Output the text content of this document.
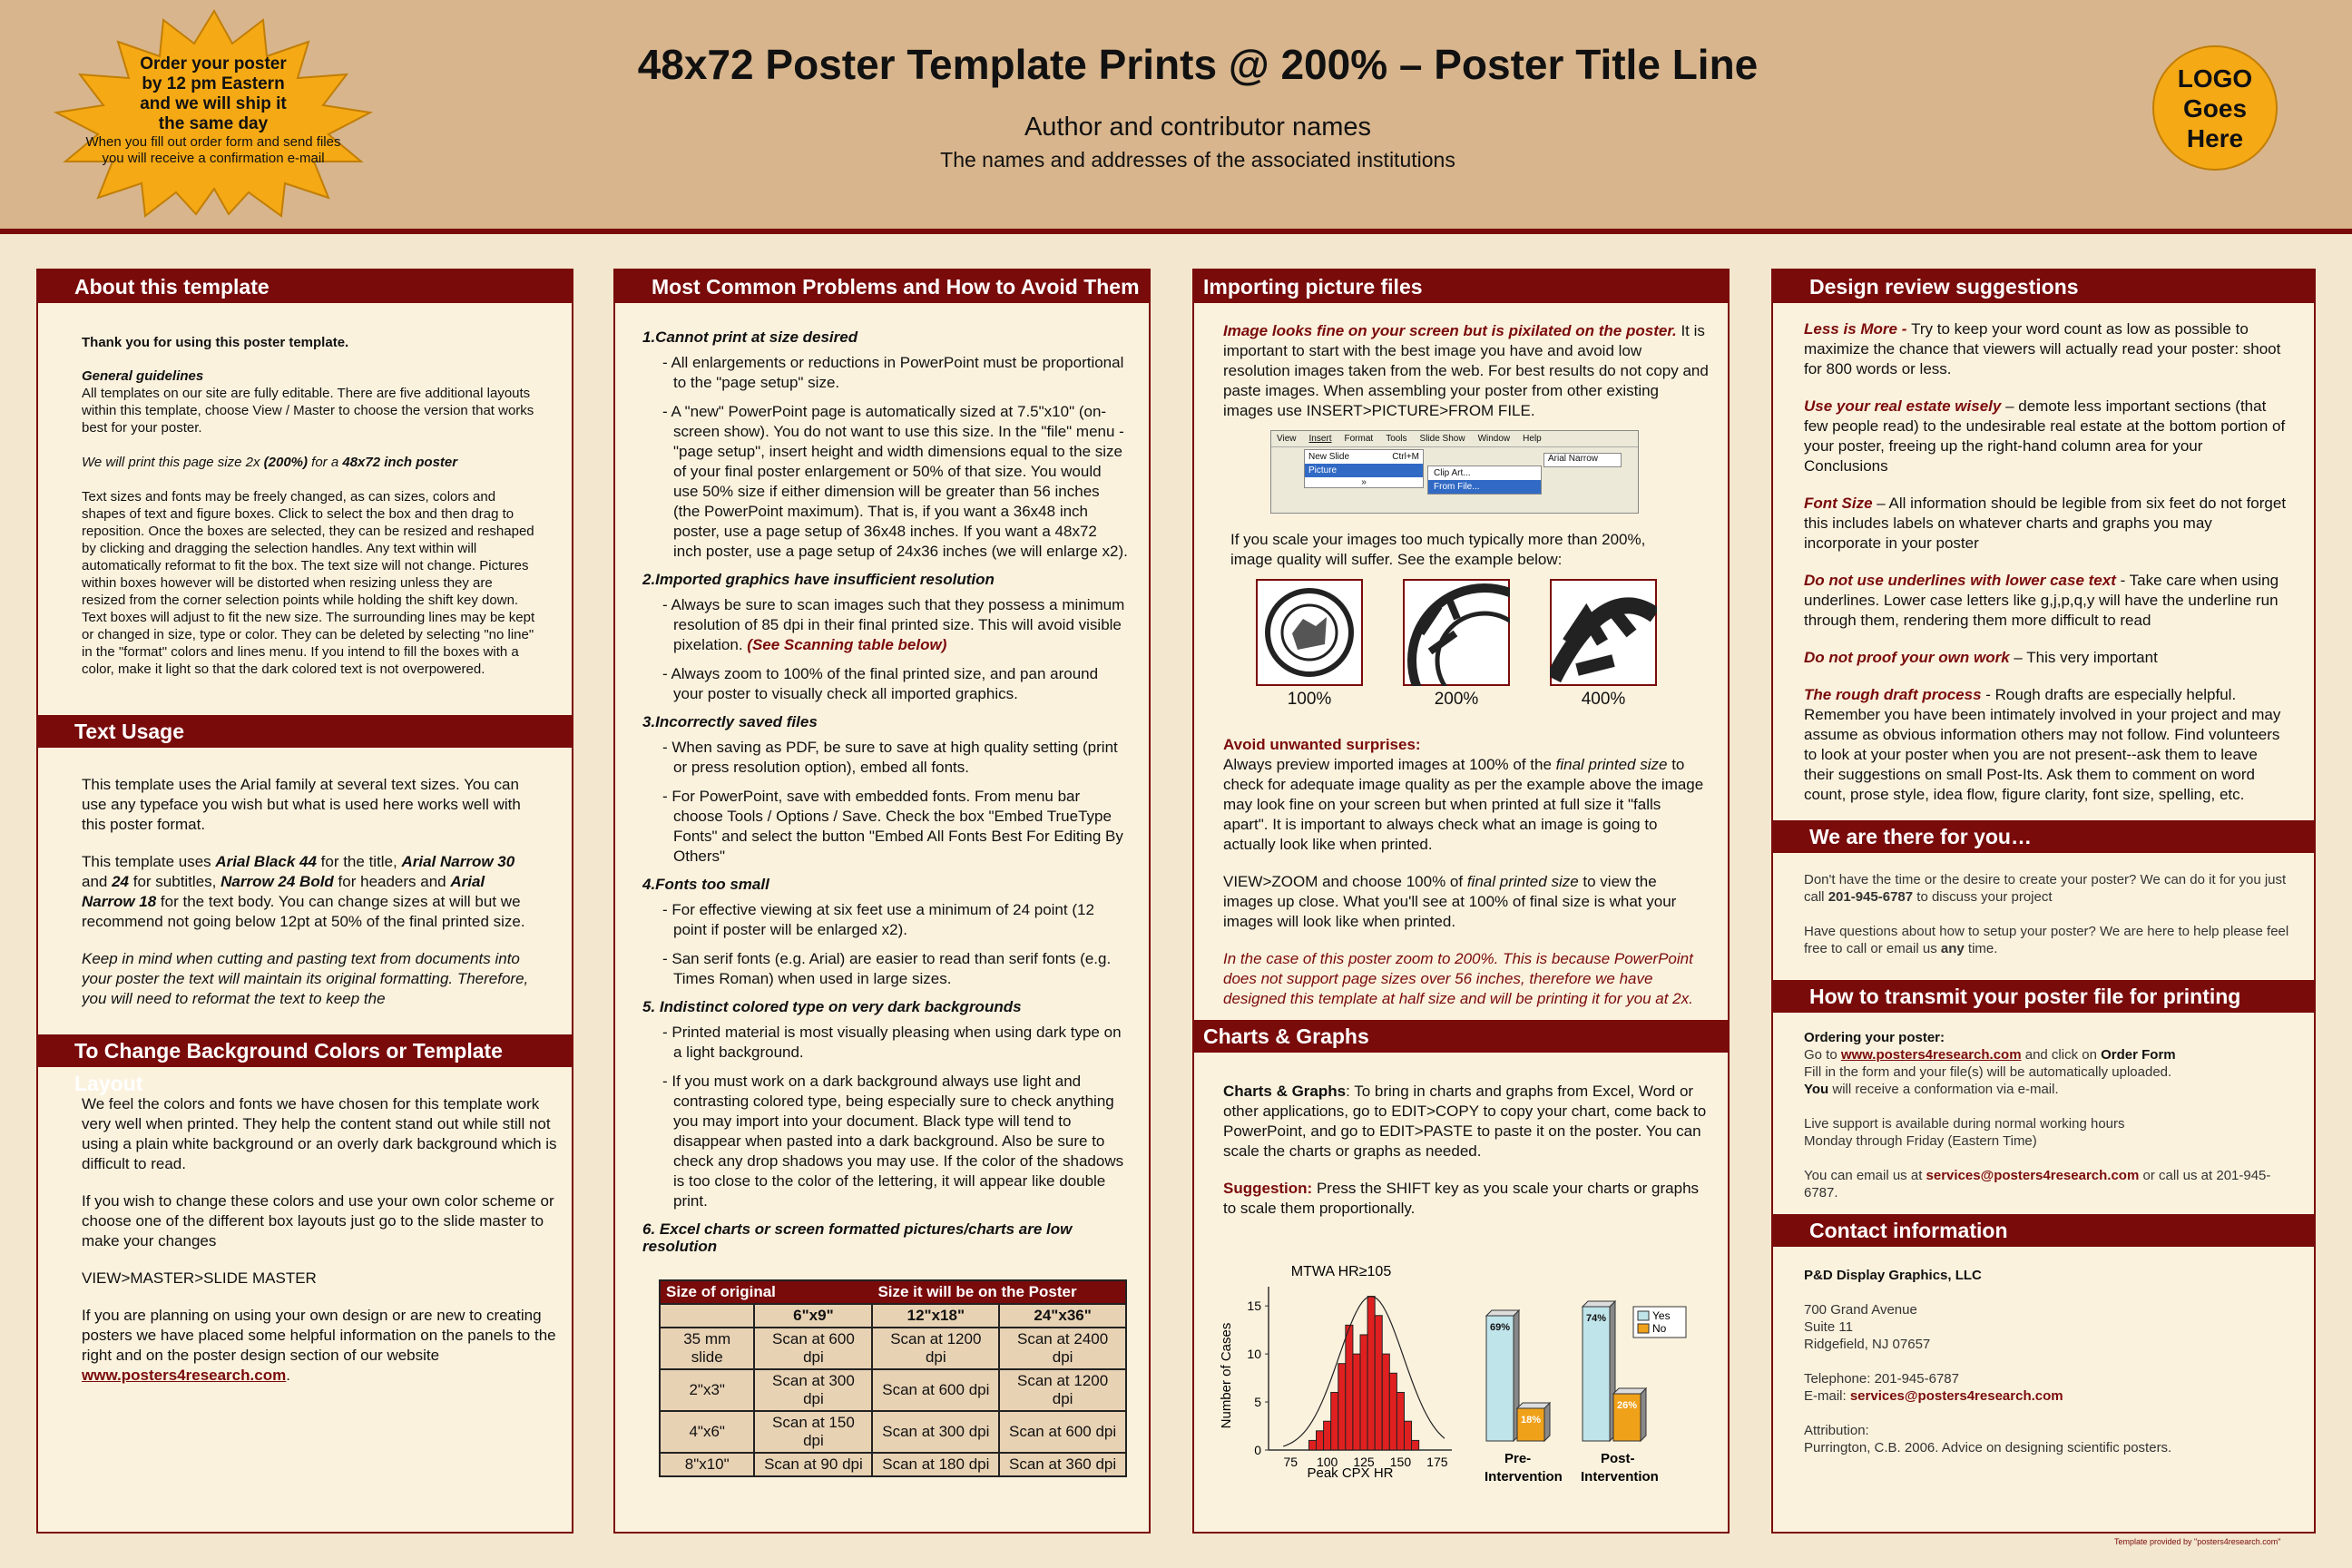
Order your poster
by 12 pm Eastern
and we will ship it
the same day
When you fill out order form and send files
you will receive a confirmation e-mail
48x72 Poster Template Prints @ 200% – Poster Title Line
Author and contributor names
The names and addresses of the associated institutions
LOGO Goes Here
About this template

Thank you for using this poster template.

General guidelines

All templates on our site are fully editable. There are five additional layouts within this template, choose View / Master to choose the version that works best for your poster.

We will print this page size 2x (200%) for a 48x72 inch poster

Text sizes and fonts may be freely changed, as can sizes, colors and shapes of text and figure boxes. Click to select the box and then drag to reposition. Once the boxes are selected, they can be resized and reshaped by clicking and dragging the selection handles. Any text within will automatically reformat to fit the box. The text size will not change. Pictures within boxes however will be distorted when resizing unless they are resized from the corner selection points while holding the shift key down. Text boxes will adjust to fit the new size. The surrounding lines may be kept or changed in size, type or color. They can be deleted by selecting "no line" in the "format" colors and lines menu. If you intend to fill the boxes with a color, make it light so that the dark colored text is not overpowered.

Text Usage

This template uses the Arial family at several text sizes. You can use any typeface you wish but what is used here works well with this poster format.

This template uses Arial Black 44 for the title, Arial Narrow 30 and 24 for subtitles, Narrow 24 Bold for headers and Arial Narrow 18 for the text body. You can change sizes at will but we recommend not going below 12pt at 50% of the final printed size.

Keep in mind when cutting and pasting text from documents into your poster the text will maintain its original formatting. Therefore, you will need to reformat the text to keep the

To Change Background Colors or Template Layout

We feel the colors and fonts we have chosen for this template work very well when printed. They help the content stand out while still not using a plain white background or an overly dark background which is difficult to read.

If you wish to change these colors and use your own color scheme or choose one of the different box layouts just go to the slide master to make your changes

VIEW>MASTER>SLIDE MASTER

If you are planning on using your own design or are new to creating posters we have placed some helpful information on the panels to the right and on the poster design section of our website www.posters4research.com.

Most Common Problems and How to Avoid Them
1.Cannot print at size desired
- All enlargements or reductions in PowerPoint must be proportional to the "page setup" size.
- A "new" PowerPoint page is automatically sized at 7.5"x10" (on-screen show). You do not want to use this size. In the "file" menu - "page setup", insert height and width dimensions equal to the size of your final poster enlargement or 50% of that size. You would use 50% size if either dimension will be greater than 56 inches (the PowerPoint maximum). That is, if you want a 36x48 inch poster, use a page setup of 36x48 inches. If you want a 48x72 inch poster, use a page setup of 24x36 inches (we will enlarge x2).
2.Imported graphics have insufficient resolution
- Always be sure to scan images such that they possess a minimum resolution of 85 dpi in their final printed size. This will avoid visible pixelation. (See Scanning table below)
- Always zoom to 100% of the final printed size, and pan around your poster to visually check all imported graphics.
3.Incorrectly saved files
- When saving as PDF, be sure to save at high quality setting (print or press resolution option), embed all fonts.
- For PowerPoint, save with embedded fonts. From menu bar choose Tools / Options / Save. Check the box "Embed TrueType Fonts" and select the button "Embed All Fonts Best For Editing By Others"
4.Fonts too small
- For effective viewing at six feet use a minimum of 24 point (12 point if poster will be enlarged x2).
- San serif fonts (e.g. Arial) are easier to read than serif fonts (e.g. Times Roman) when used in large sizes.
5. Indistinct colored type on very dark backgrounds
- Printed material is most visually pleasing when using dark type on a light background.
- If you must work on a dark background always use light and contrasting colored type, being especially sure to check anything you may import into your document. Black type will tend to disappear when pasted into a dark background. Also be sure to check any drop shadows you may use. If the color of the shadows is too close to the color of the lettering, it will appear like double print.
6. Excel charts or screen formatted pictures/charts are low resolution
Size of original		Size it will be on the Poster	
	6"x9"	12"x18"	24"x36"
35 mm slide	Scan at 600 dpi	Scan at 1200 dpi	Scan at 2400 dpi
2"x3"	Scan at 300 dpi	Scan at 600 dpi	Scan at 1200 dpi
4"x6"	Scan at 150 dpi	Scan at 300 dpi	Scan at 600 dpi
8"x10"	Scan at 90 dpi	Scan at 180 dpi	Scan at 360 dpi
Importing picture files

Image looks fine on your screen but is pixilated on the poster. It is important to start with the best image you have and avoid low resolution images taken from the web. For best results do not copy and paste images. When assembling your poster from other existing images use INSERT>PICTURE>FROM FILE.

View Insert Format Tools Slide Show Window Help
New Slide	Ctrl+M
Picture
»
Clip Art...
From File...
Arial Narrow
If you scale your images too much typically more than 200%, image quality will suffer. See the example below:
100%	200%	400%
Avoid unwanted surprises:

Always preview imported images at 100% of the final printed size to check for adequate image quality as per the example above the image may look fine on your screen but when printed at full size it "falls apart". It is important to always check what an image is going to actually look like when printed.

VIEW>ZOOM and choose 100% of final printed size to view the images up close. What you'll see at 100% of final size is what your images will look like when printed.

In the case of this poster zoom to 200%. This is because PowerPoint does not support page sizes over 56 inches, therefore we have designed this template at half size and will be printing it for you at 2x.

Charts & Graphs

Charts & Graphs: To bring in charts and graphs from Excel, Word or other applications, go to EDIT>COPY to copy your chart, come back to PowerPoint, and go to EDIT>PASTE to paste it on the poster. You can scale the charts or graphs as needed.

Suggestion: Press the SHIFT key as you scale your charts or graphs to scale them proportionally.

MTWA HR≥105
Number of Cases
Peak CPX HR
0
5
10
15
75 100 125 150 175
69%
18%
Pre-
Intervention
74%
26%
Post-
Intervention
Yes
No
Design review suggestions

Less is More - Try to keep your word count as low as possible to maximize the chance that viewers will actually read your poster: shoot for 800 words or less.

Use your real estate wisely – demote less important sections (that few people read) to the undesirable real estate at the bottom portion of your poster, freeing up the right-hand column area for your Conclusions

Font Size – All information should be legible from six feet do not forget this includes labels on whatever charts and graphs you may incorporate in your poster

Do not use underlines with lower case text - Take care when using underlines. Lower case letters like g,j,p,q,y will have the underline run through them, rendering them more difficult to read

Do not proof your own work – This very important

The rough draft process - Rough drafts are especially helpful. Remember you have been intimately involved in your project and may assume as obvious information others may not follow. Find volunteers to look at your poster when you are not present--ask them to leave their suggestions on small Post-Its. Ask them to comment on word count, prose style, idea flow, figure clarity, font size, spelling, etc.

We are there for you…

Don't have the time or the desire to create your poster? We can do it for you just call 201-945-6787 to discuss your project

Have questions about how to setup your poster? We are here to help please feel free to call or email us any time.

How to transmit your poster file for printing
Ordering your poster:
Go to www.posters4research.com and click on Order Form
Fill in the form and your file(s) will be automatically uploaded.

You will receive a conformation via e-mail.

Live support is available during normal working hours

Monday through Friday (Eastern Time)

You can email us at services@posters4research.com or call us at 201-945-6787.
Contact information

P&D Display Graphics, LLC

700 Grand Avenue
Suite 11

Ridgefield, NJ 07657

Telephone: 201-945-6787

E-mail: services@posters4research.com

Attribution:
Purrington, C.B. 2006. Advice on designing scientific posters.
Template provided by "posters4research.com"
